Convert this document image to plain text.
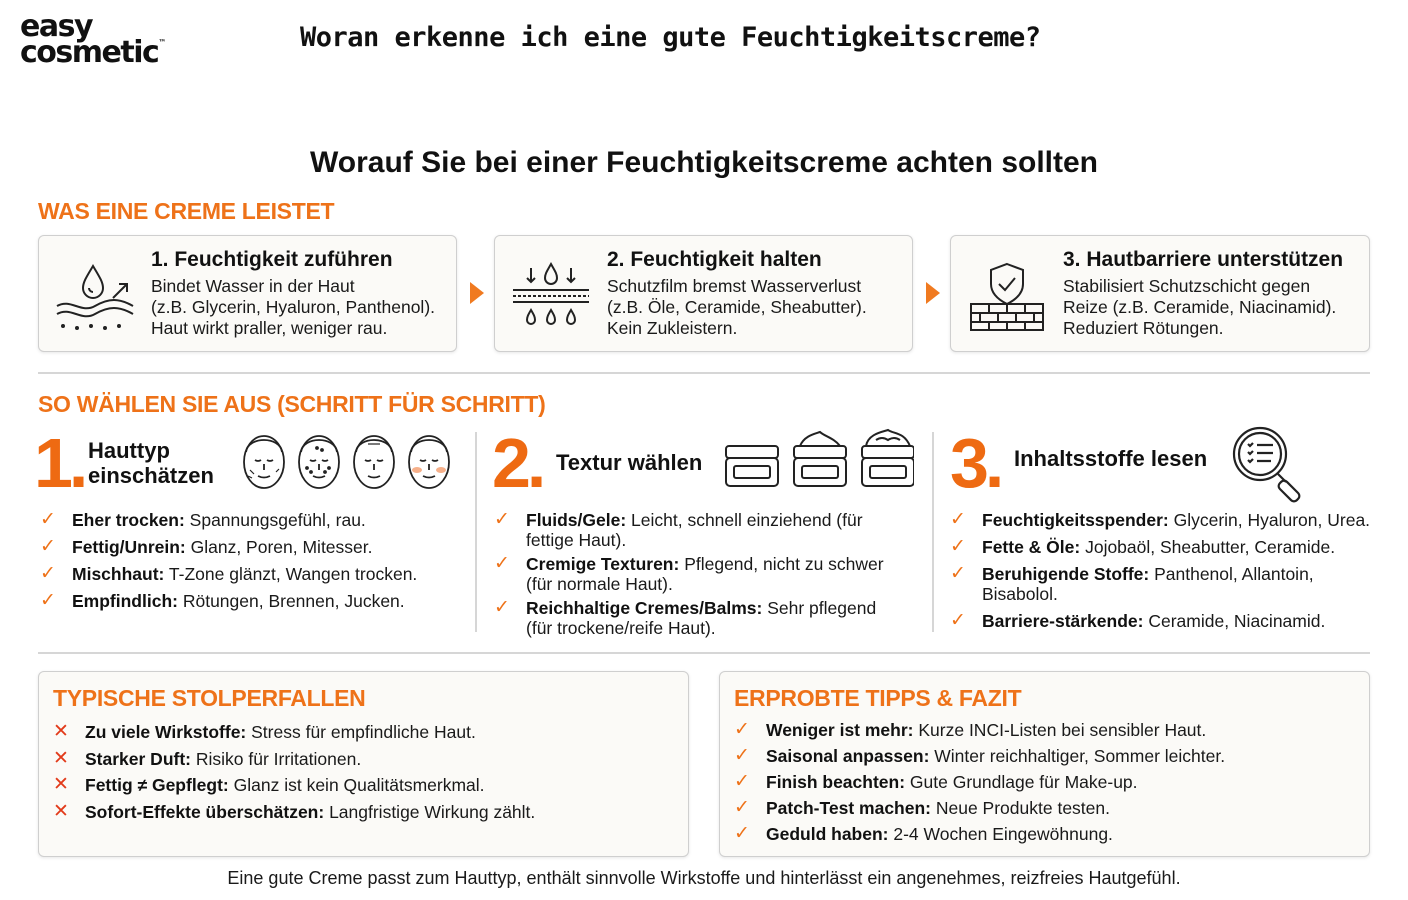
easy
cosmetic™	Woran erkenne ich eine gute Feuchtigkeitscreme?
Worauf Sie bei einer Feuchtigkeitscreme achten sollten
WAS EINE CREME LEISTET
1. Feuchtigkeit zuführen
Bindet Wasser in der Haut
(z.B. Glycerin, Hyaluron, Panthenol).
Haut wirkt praller, weniger rau.
2. Feuchtigkeit halten
Schutzfilm bremst Wasserverlust
(z.B. Öle, Ceramide, Sheabutter).
Kein Zukleistern.
3. Hautbarriere unterstützen
Stabilisiert Schutzschicht gegen
Reize (z.B. Ceramide, Niacinamid).
Reduziert Rötungen.
SO WÄHLEN SIE AUS (SCHRITT FÜR SCHRITT)
1. Hauttyp
einschätzen
✓ Eher trocken: Spannungsgefühl, rau.
✓ Fettig/Unrein: Glanz, Poren, Mitesser.
✓ Mischhaut: T-Zone glänzt, Wangen trocken.
✓ Empfindlich: Rötungen, Brennen, Jucken.
2. Textur wählen
✓ Fluids/Gele: Leicht, schnell einziehend (für
fettige Haut).
✓ Cremige Texturen: Pflegend, nicht zu schwer
(für normale Haut).
✓ Reichhaltige Cremes/Balms: Sehr pflegend
(für trockene/reife Haut).
3. Inhaltsstoffe lesen
✓ Feuchtigkeitsspender: Glycerin, Hyaluron, Urea.
✓ Fette & Öle: Jojobaöl, Sheabutter, Ceramide.
✓ Beruhigende Stoffe: Panthenol, Allantoin,
Bisabolol.
✓ Barriere-stärkende: Ceramide, Niacinamid.
TYPISCHE STOLPERFALLEN
✕ Zu viele Wirkstoffe: Stress für empfindliche Haut.
✕ Starker Duft: Risiko für Irritationen.
✕ Fettig ≠ Gepflegt: Glanz ist kein Qualitätsmerkmal.
✕ Sofort-Effekte überschätzen: Langfristige Wirkung zählt.
ERPROBTE TIPPS & FAZIT
✓ Weniger ist mehr: Kurze INCI-Listen bei sensibler Haut.
✓ Saisonal anpassen: Winter reichhaltiger, Sommer leichter.
✓ Finish beachten: Gute Grundlage für Make-up.
✓ Patch-Test machen: Neue Produkte testen.
✓ Geduld haben: 2-4 Wochen Eingewöhnung.
Eine gute Creme passt zum Hauttyp, enthält sinnvolle Wirkstoffe und hinterlässt ein angenehmes, reizfreies Hautgefühl.
